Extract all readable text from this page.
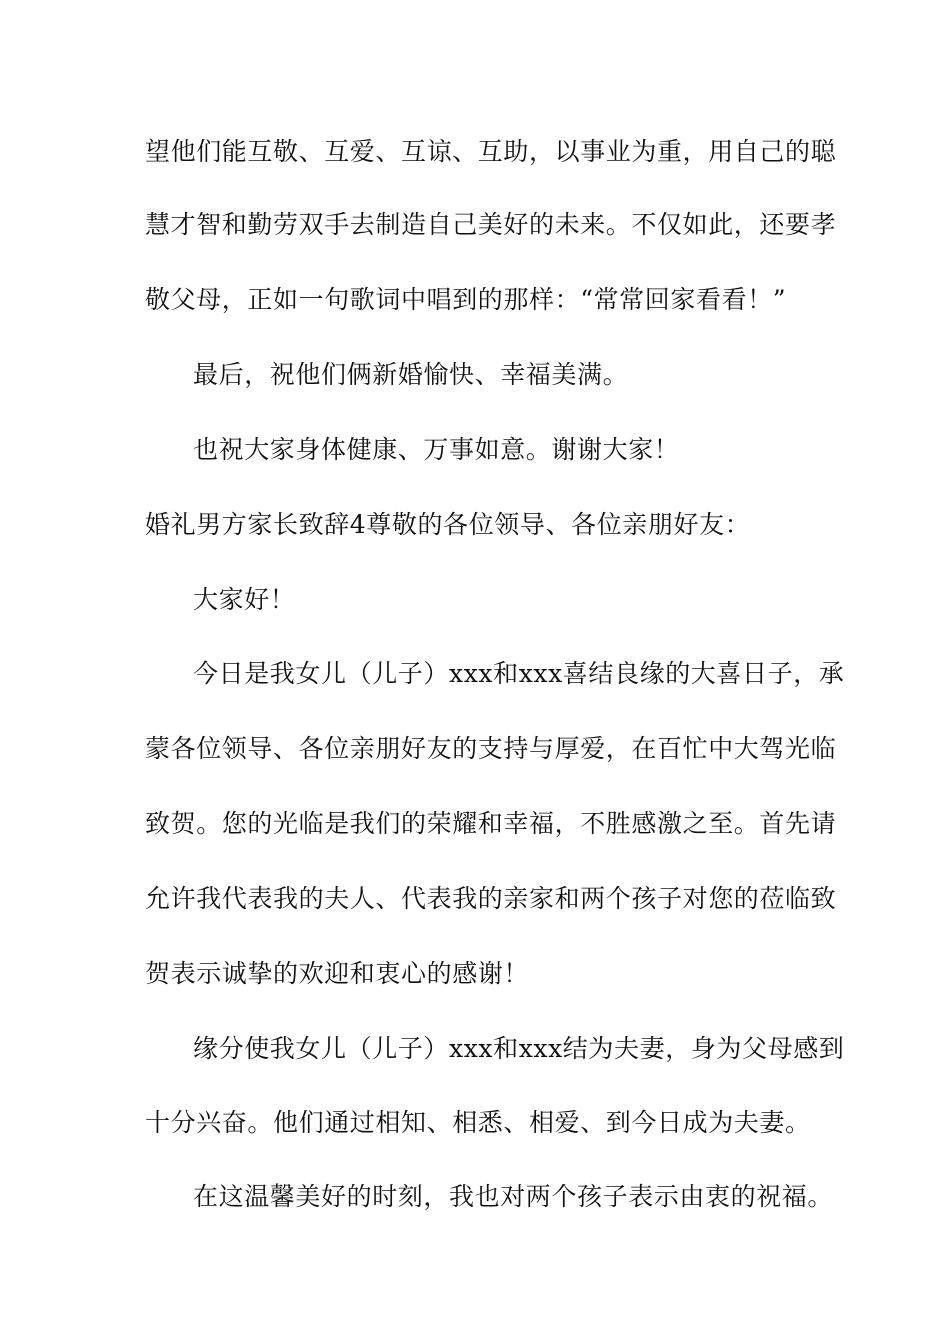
望他们能互敬、互爱、互谅、互助，以事业为重，用自己的聪
慧才智和勤劳双手去制造自己美好的未来。不仅如此，还要孝
敬父母，正如一句歌词中唱到的那样：“常常回家看看！”
最后，祝他们俩新婚愉快、幸福美满。
也祝大家身体健康、万事如意。谢谢大家！
婚礼男方家长致辞4尊敬的各位领导、各位亲朋好友：
大家好！
今日是我女儿（儿子）xxx和xxx喜结良缘的大喜日子，承
蒙各位领导、各位亲朋好友的支持与厚爱，在百忙中大驾光临
致贺。您的光临是我们的荣耀和幸福，不胜感激之至。首先请
允许我代表我的夫人、代表我的亲家和两个孩子对您的莅临致
贺表示诚挚的欢迎和衷心的感谢！
缘分使我女儿（儿子）xxx和xxx结为夫妻，身为父母感到
十分兴奋。他们通过相知、相悉、相爱、到今日成为夫妻。
在这温馨美好的时刻，我也对两个孩子表示由衷的祝福。
